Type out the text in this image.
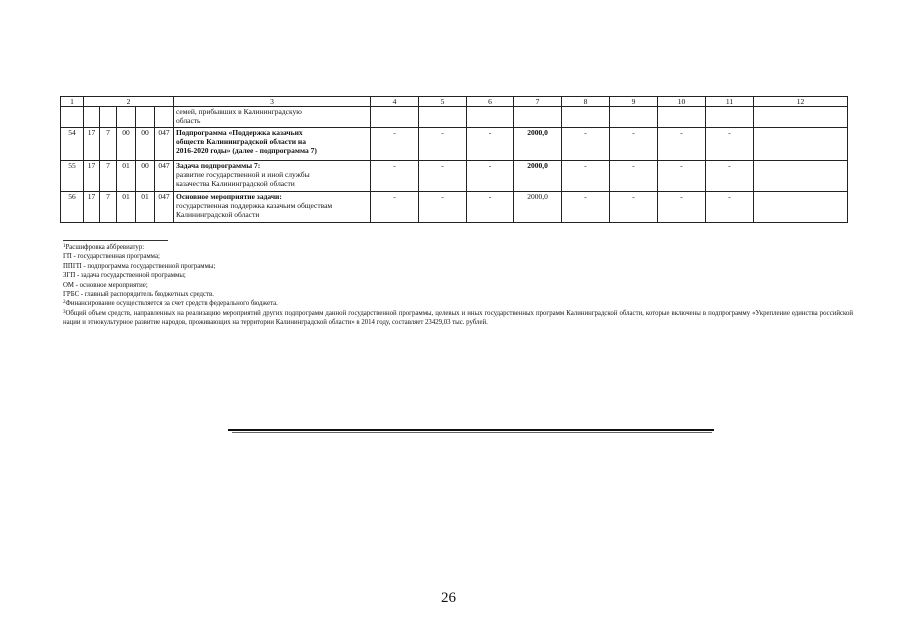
1	2					3	4	5	6	7	8	9	10	11	12

						семей, прибывших в Калининградскую
область									

54	17	7	00	00	047	Подпрограмма «Поддержка казачьих
обществ Калининградской области на
2016-2020 годы» (далее - подпрограмма 7)	-	-	-	2000,0	-	-	-	-	
55	17	7	01	00	047	Задача подпрограммы 7:
развитие государственной и иной службы
казачества Калининградской области	-	-	-	2000,0	-	-	-	-	
56	17	7	01	01	047	Основное мероприятие задачи:
государственная поддержка казачьим обществам
Калининградской области	-	-	-	2000,0	-	-	-	-	
$^1$Расшифровка аббревиатур:
ГП - государственная программа;
ППГП - подпрограмма государственной программы;
ЗГП - задача государственной программы;
ОМ - основное мероприятие;
ГРБС - главный распорядитель бюджетных средств.
$^2$Финансирование осуществляется за счет средств федерального бюджета.
$^3$Общий объем средств, направленных на реализацию мероприятий других подпрограмм данной государственной программы, целевых и иных государственных программ Калининградской области, которые включены в подпрограмму «Укрепление единства российской нации и этнокультурное развитие народов, проживающих на территории Калининградской области» в 2014 году, составляет 23429,03 тыс. рублей.
26
